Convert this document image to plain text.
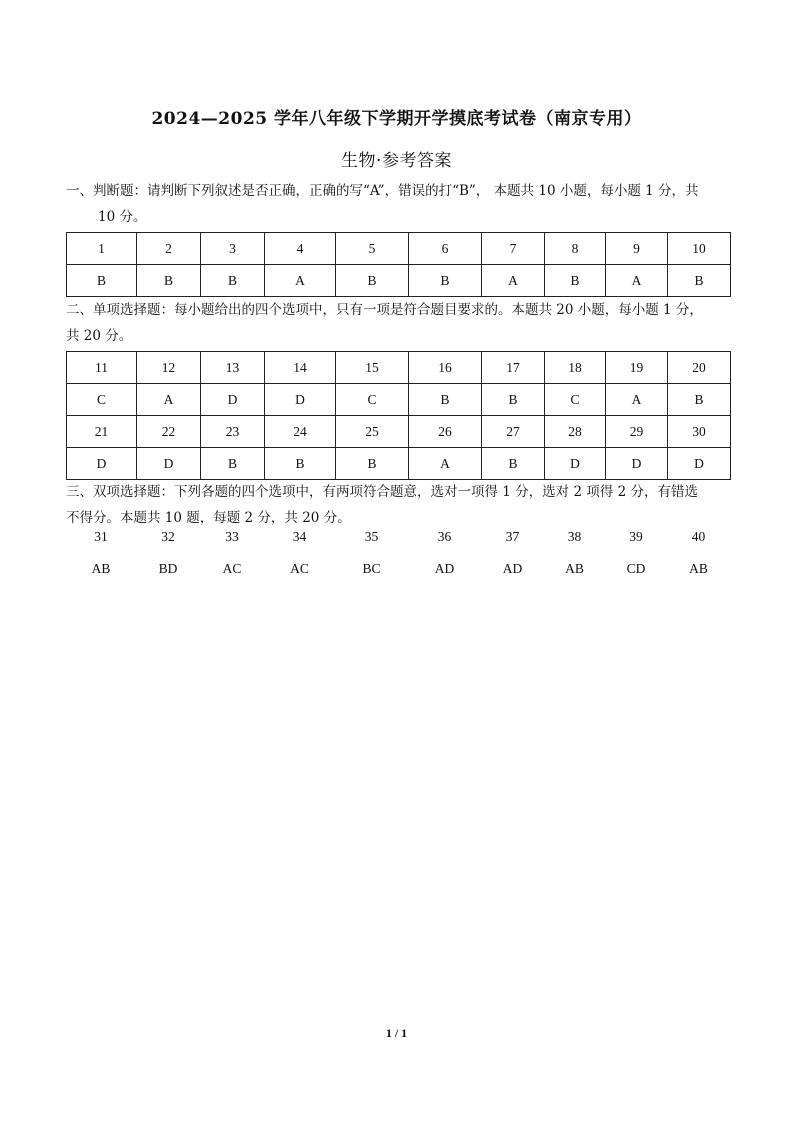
2024—2025 学年八年级下学期开学摸底考试卷（南京专用）
生物·参考答案
一、判断题：请判断下列叙述是否正确，正确的写“A”，错误的打“B”， 本题共 10 小题，每小题 1 分，共
10 分。
1	2	3	4	5	6	7	8	9	10
B	B	B	A	B	B	A	B	A	B
二、单项选择题：每小题给出的四个选项中，只有一项是符合题目要求的。本题共 20 小题，每小题 1 分，
共 20 分。
11	12	13	14	15	16	17	18	19	20
C	A	D	D	C	B	B	C	A	B
21	22	23	24	25	26	27	28	29	30
D	D	B	B	B	A	B	D	D	D
三、双项选择题：下列各题的四个选项中，有两项符合题意，选对一项得 1 分，选对 2 项得 2 分，有错选
不得分。本题共 10 题，每题 2 分，共 20 分。
31	32	33	34	35	36	37	38	39	40
AB	BD	AC	AC	BC	AD	AD	AB	CD	AB
1 / 1
